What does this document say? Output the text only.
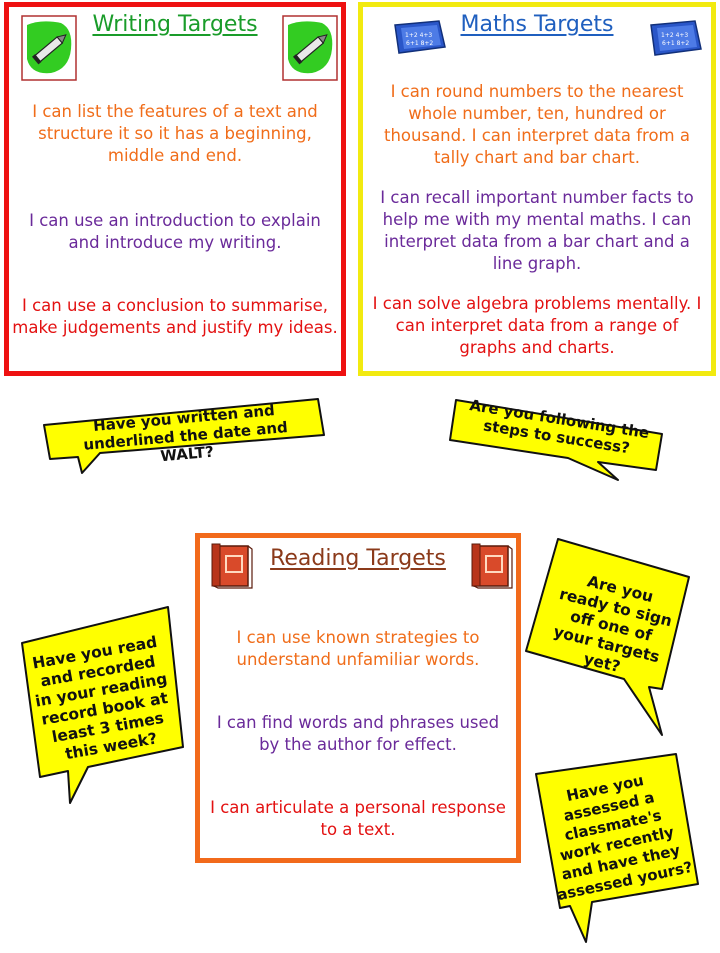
Writing Targets
I can list the features of a text and structure it so it has a beginning, middle and end.
I can use an introduction to explain and introduce my writing.
I can use a conclusion to summarise, make judgements and justify my ideas.
1+2 4+3
6+1 8+2
1+2 4+3
6+1 8+2
Maths Targets
I can round numbers to the nearest whole number, ten, hundred or thousand. I can interpret data from a tally chart and bar chart.
I can recall important number facts to help me with my mental maths. I can interpret data from a bar chart and a line graph.
I can solve algebra problems mentally. I can interpret data from a range of graphs and charts.
Reading Targets
I can use known strategies to understand unfamiliar words.
I can find words and phrases used by the author for effect.
I can articulate a personal response to a text.
Have you written and underlined the date and WALT?
Are you following the steps to success?
Have you read and recorded in your reading record book at least 3 times this week?
Are you ready to sign off one of your targets yet?
Have you assessed a classmate's work recently and have they assessed yours?
